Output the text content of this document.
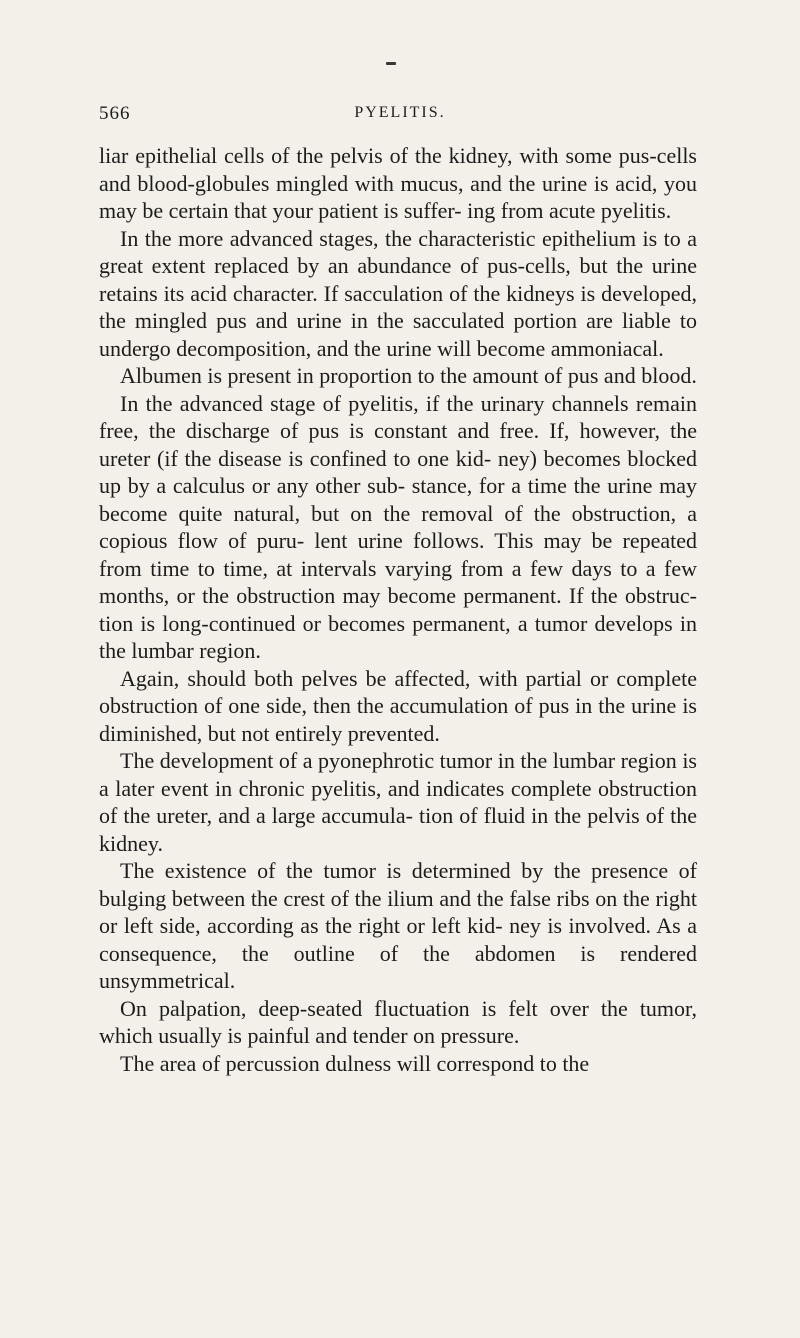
566	PYELITIS.

liar epithelial cells of the pelvis of the kidney, with some pus-cells and blood-globules mingled with mucus, and the urine is acid, you may be certain that your patient is suffer- ing from acute pyelitis.

In the more advanced stages, the characteristic epithelium is to a great extent replaced by an abundance of pus-cells, but the urine retains its acid character. If sacculation of the kidneys is developed, the mingled pus and urine in the sacculated portion are liable to undergo decomposition, and the urine will become ammoniacal.

Albumen is present in proportion to the amount of pus and blood.

In the advanced stage of pyelitis, if the urinary channels remain free, the discharge of pus is constant and free. If, however, the ureter (if the disease is confined to one kid- ney) becomes blocked up by a calculus or any other sub- stance, for a time the urine may become quite natural, but on the removal of the obstruction, a copious flow of puru- lent urine follows. This may be repeated from time to time, at intervals varying from a few days to a few months, or the obstruction may become permanent. If the obstruc- tion is long-continued or becomes permanent, a tumor develops in the lumbar region.

Again, should both pelves be affected, with partial or complete obstruction of one side, then the accumulation of pus in the urine is diminished, but not entirely prevented.

The development of a pyonephrotic tumor in the lumbar region is a later event in chronic pyelitis, and indicates complete obstruction of the ureter, and a large accumula- tion of fluid in the pelvis of the kidney.

The existence of the tumor is determined by the presence of bulging between the crest of the ilium and the false ribs on the right or left side, according as the right or left kid- ney is involved. As a consequence, the outline of the abdomen is rendered unsymmetrical.

On palpation, deep-seated fluctuation is felt over the tumor, which usually is painful and tender on pressure.

The area of percussion dulness will correspond to the
